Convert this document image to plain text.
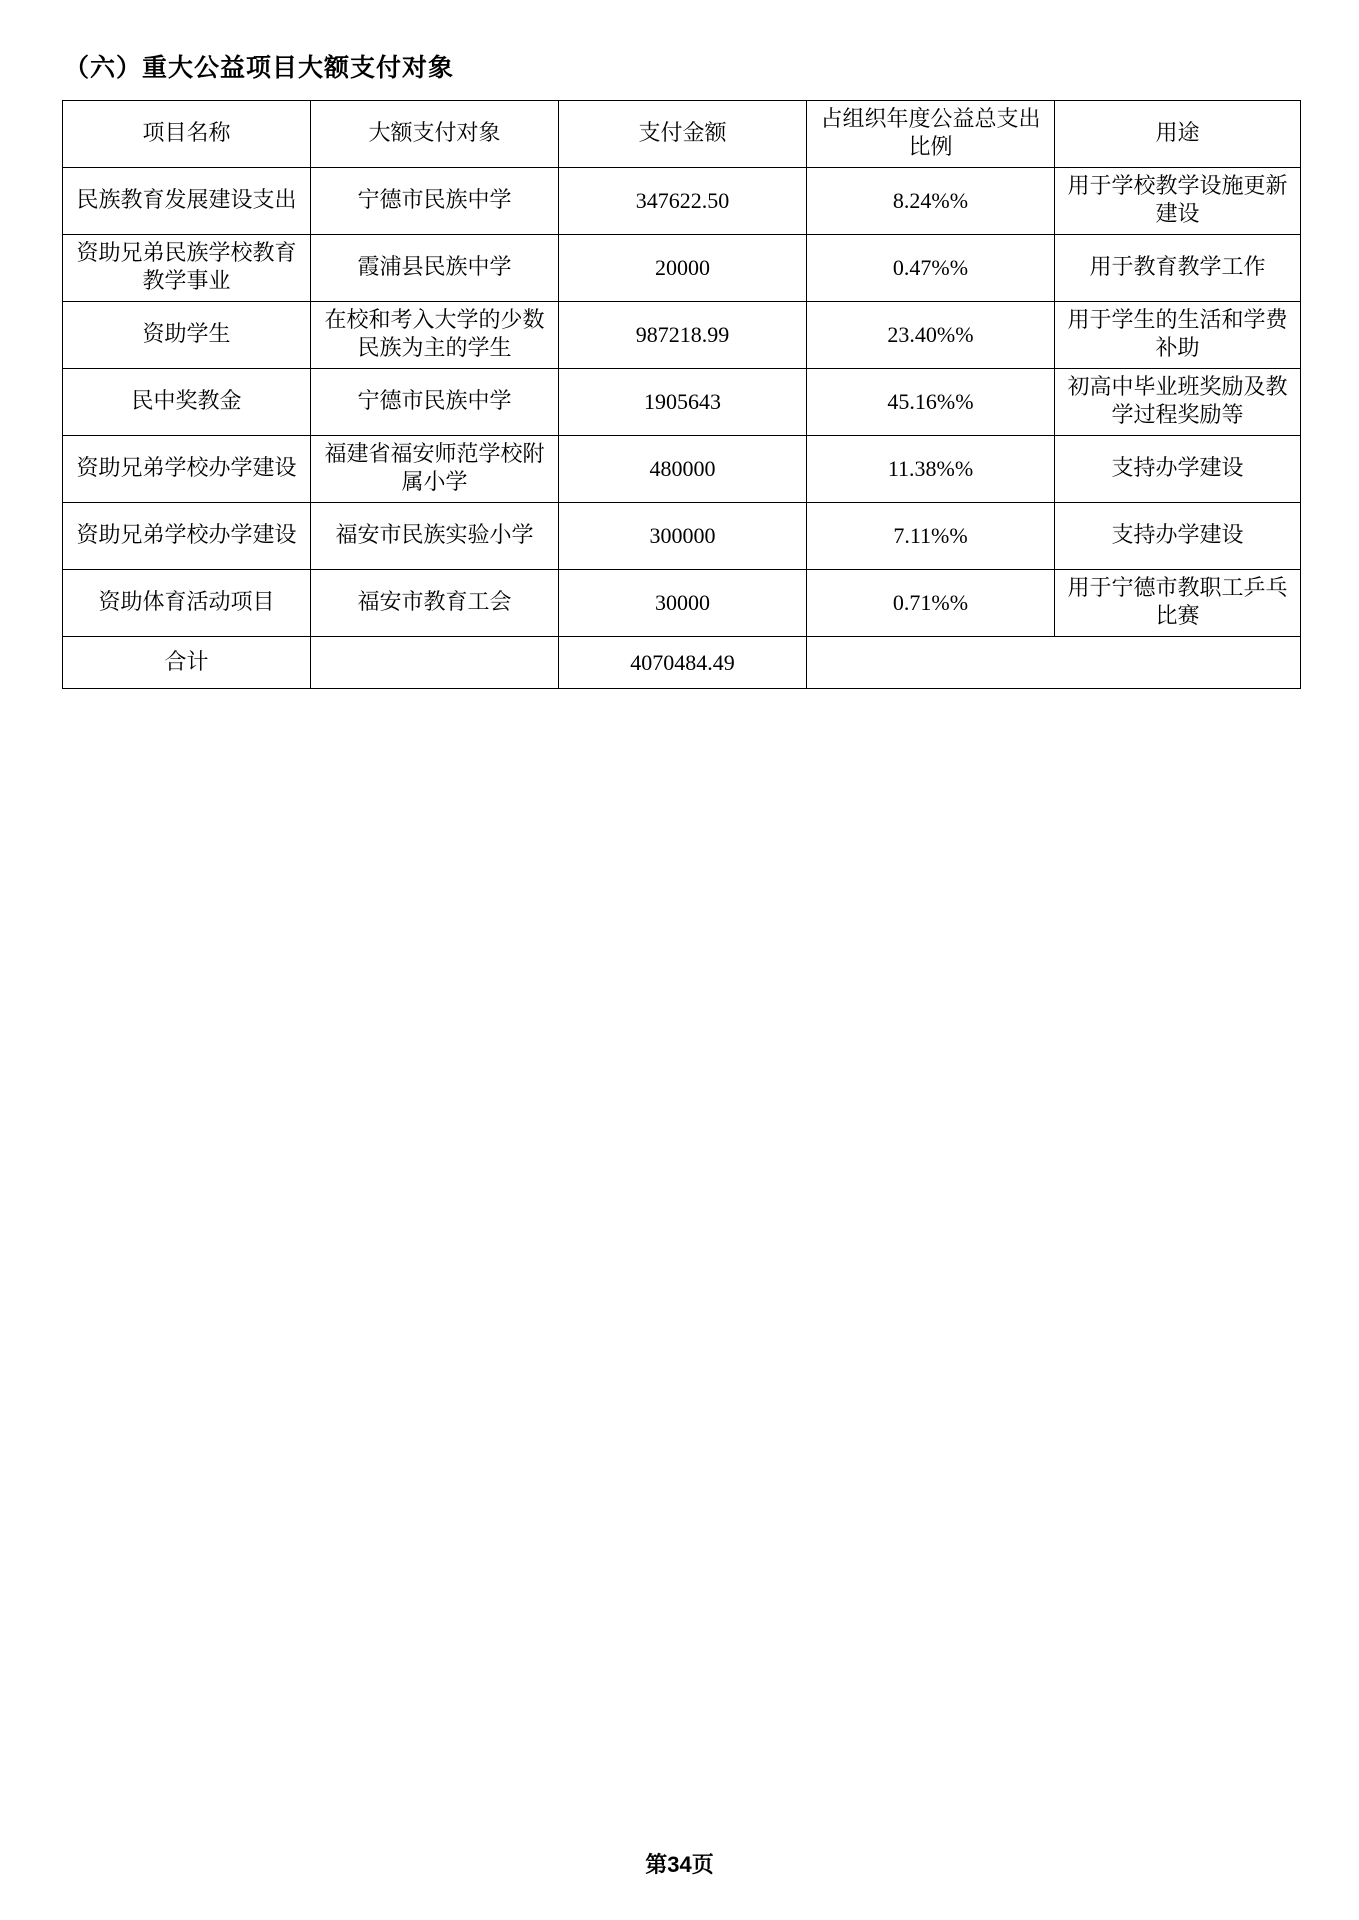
（六）重大公益项目大额支付对象
项目名称	大额支付对象	支付金额	占组织年度公益总支出比例	用途
民族教育发展建设支出	宁德市民族中学	347622.50	8.24%%	用于学校教学设施更新建设
资助兄弟民族学校教育教学事业	霞浦县民族中学	20000	0.47%%	用于教育教学工作
资助学生	在校和考入大学的少数民族为主的学生	987218.99	23.40%%	用于学生的生活和学费补助
民中奖教金	宁德市民族中学	1905643	45.16%%	初高中毕业班奖励及教学过程奖励等
资助兄弟学校办学建设	福建省福安师范学校附属小学	480000	11.38%%	支持办学建设
资助兄弟学校办学建设	福安市民族实验小学	300000	7.11%%	支持办学建设
资助体育活动项目	福安市教育工会	30000	0.71%%	用于宁德市教职工乒乓比赛
合计		4070484.49		
第34页
